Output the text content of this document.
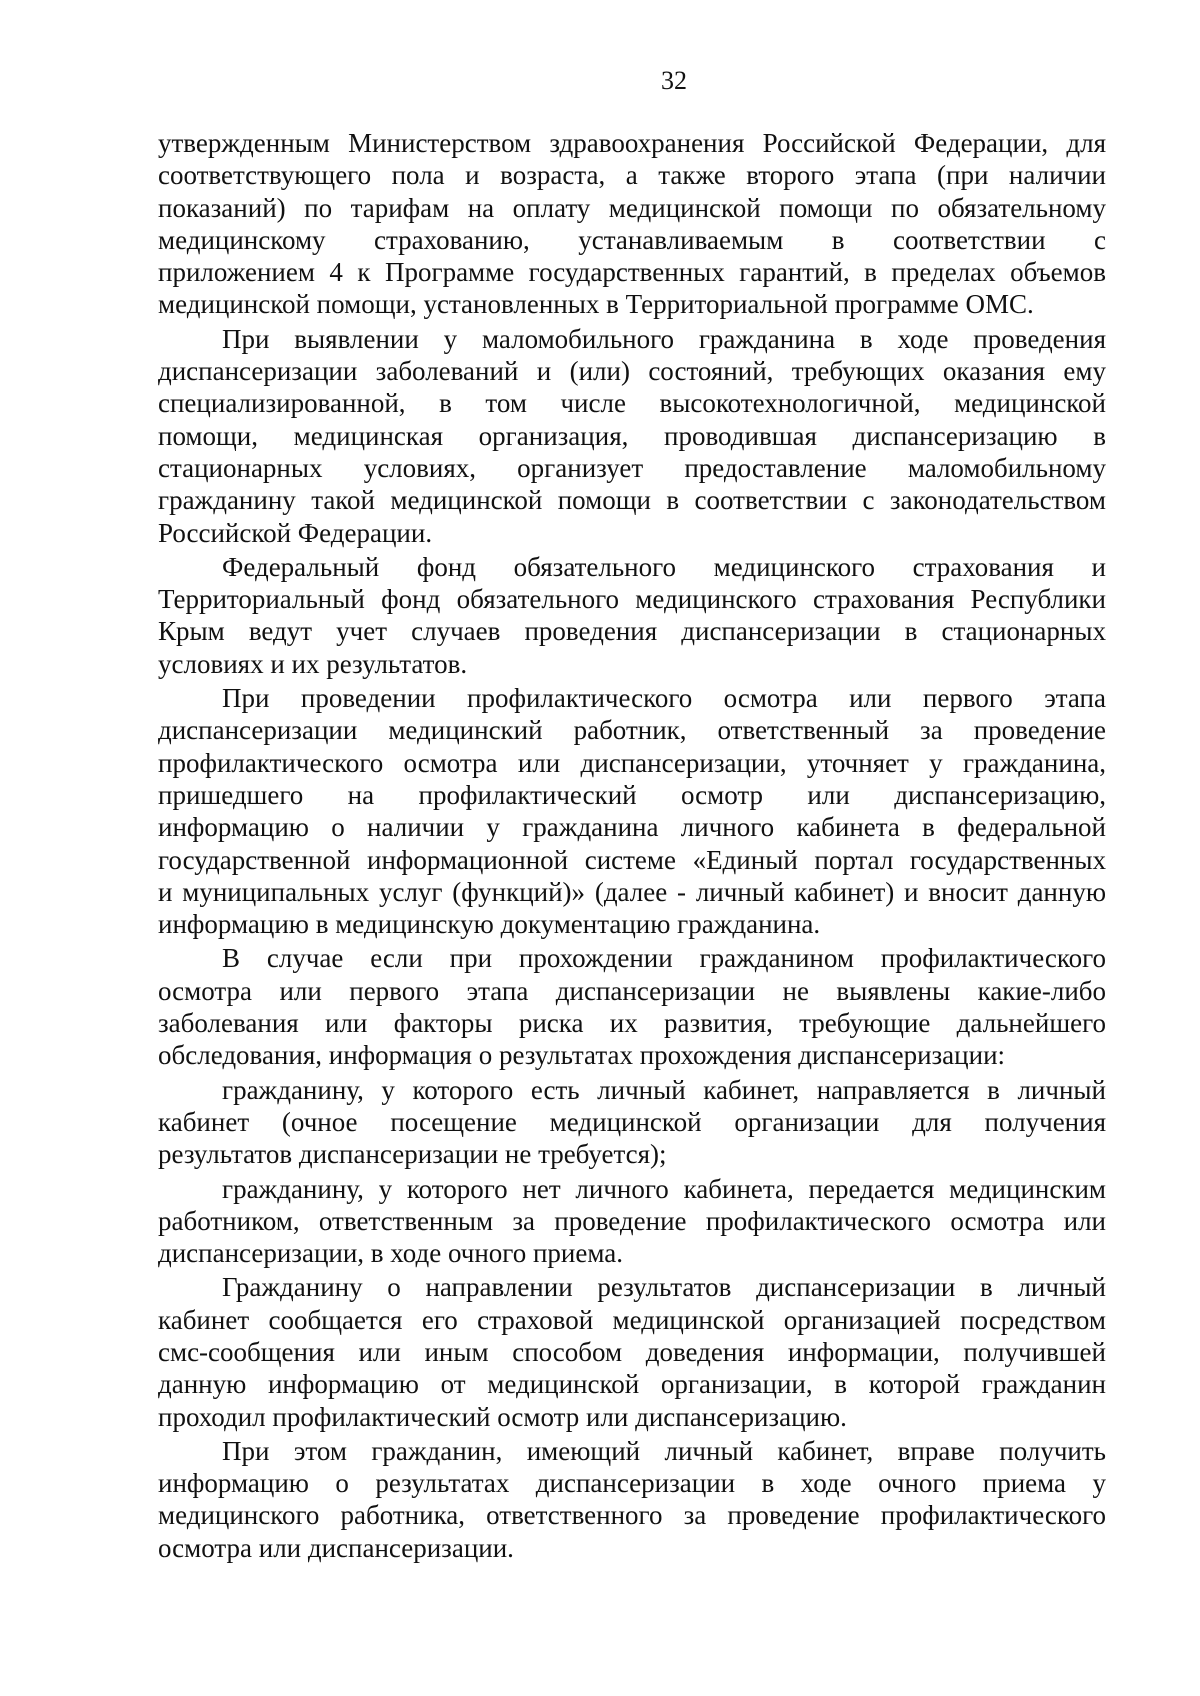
32
утвержденным Министерством здравоохранения Российской Федерации, для
соответствующего пола и возраста, а также второго этапа (при наличии
показаний) по тарифам на оплату медицинской помощи по обязательному
медицинскому страхованию, устанавливаемым в соответствии с
приложением 4 к Программе государственных гарантий, в пределах объемов
медицинской помощи, установленных в Территориальной программе ОМС.
При выявлении у маломобильного гражданина в ходе проведения
диспансеризации заболеваний и (или) состояний, требующих оказания ему
специализированной, в том числе высокотехнологичной, медицинской
помощи, медицинская организация, проводившая диспансеризацию в
стационарных условиях, организует предоставление маломобильному
гражданину такой медицинской помощи в соответствии с законодательством
Российской Федерации.
Федеральный фонд обязательного медицинского страхования и
Территориальный фонд обязательного медицинского страхования Республики
Крым ведут учет случаев проведения диспансеризации в стационарных
условиях и их результатов.
При проведении профилактического осмотра или первого этапа
диспансеризации медицинский работник, ответственный за проведение
профилактического осмотра или диспансеризации, уточняет у гражданина,
пришедшего на профилактический осмотр или диспансеризацию,
информацию о наличии у гражданина личного кабинета в федеральной
государственной информационной системе «Единый портал государственных
и муниципальных услуг (функций)» (далее - личный кабинет) и вносит данную
информацию в медицинскую документацию гражданина.
В случае если при прохождении гражданином профилактического
осмотра или первого этапа диспансеризации не выявлены какие-либо
заболевания или факторы риска их развития, требующие дальнейшего
обследования, информация о результатах прохождения диспансеризации:
гражданину, у которого есть личный кабинет, направляется в личный
кабинет (очное посещение медицинской организации для получения
результатов диспансеризации не требуется);
гражданину, у которого нет личного кабинета, передается медицинским
работником, ответственным за проведение профилактического осмотра или
диспансеризации, в ходе очного приема.
Гражданину о направлении результатов диспансеризации в личный
кабинет сообщается его страховой медицинской организацией посредством
смс-сообщения или иным способом доведения информации, получившей
данную информацию от медицинской организации, в которой гражданин
проходил профилактический осмотр или диспансеризацию.
При этом гражданин, имеющий личный кабинет, вправе получить
информацию о результатах диспансеризации в ходе очного приема у
медицинского работника, ответственного за проведение профилактического
осмотра или диспансеризации.
